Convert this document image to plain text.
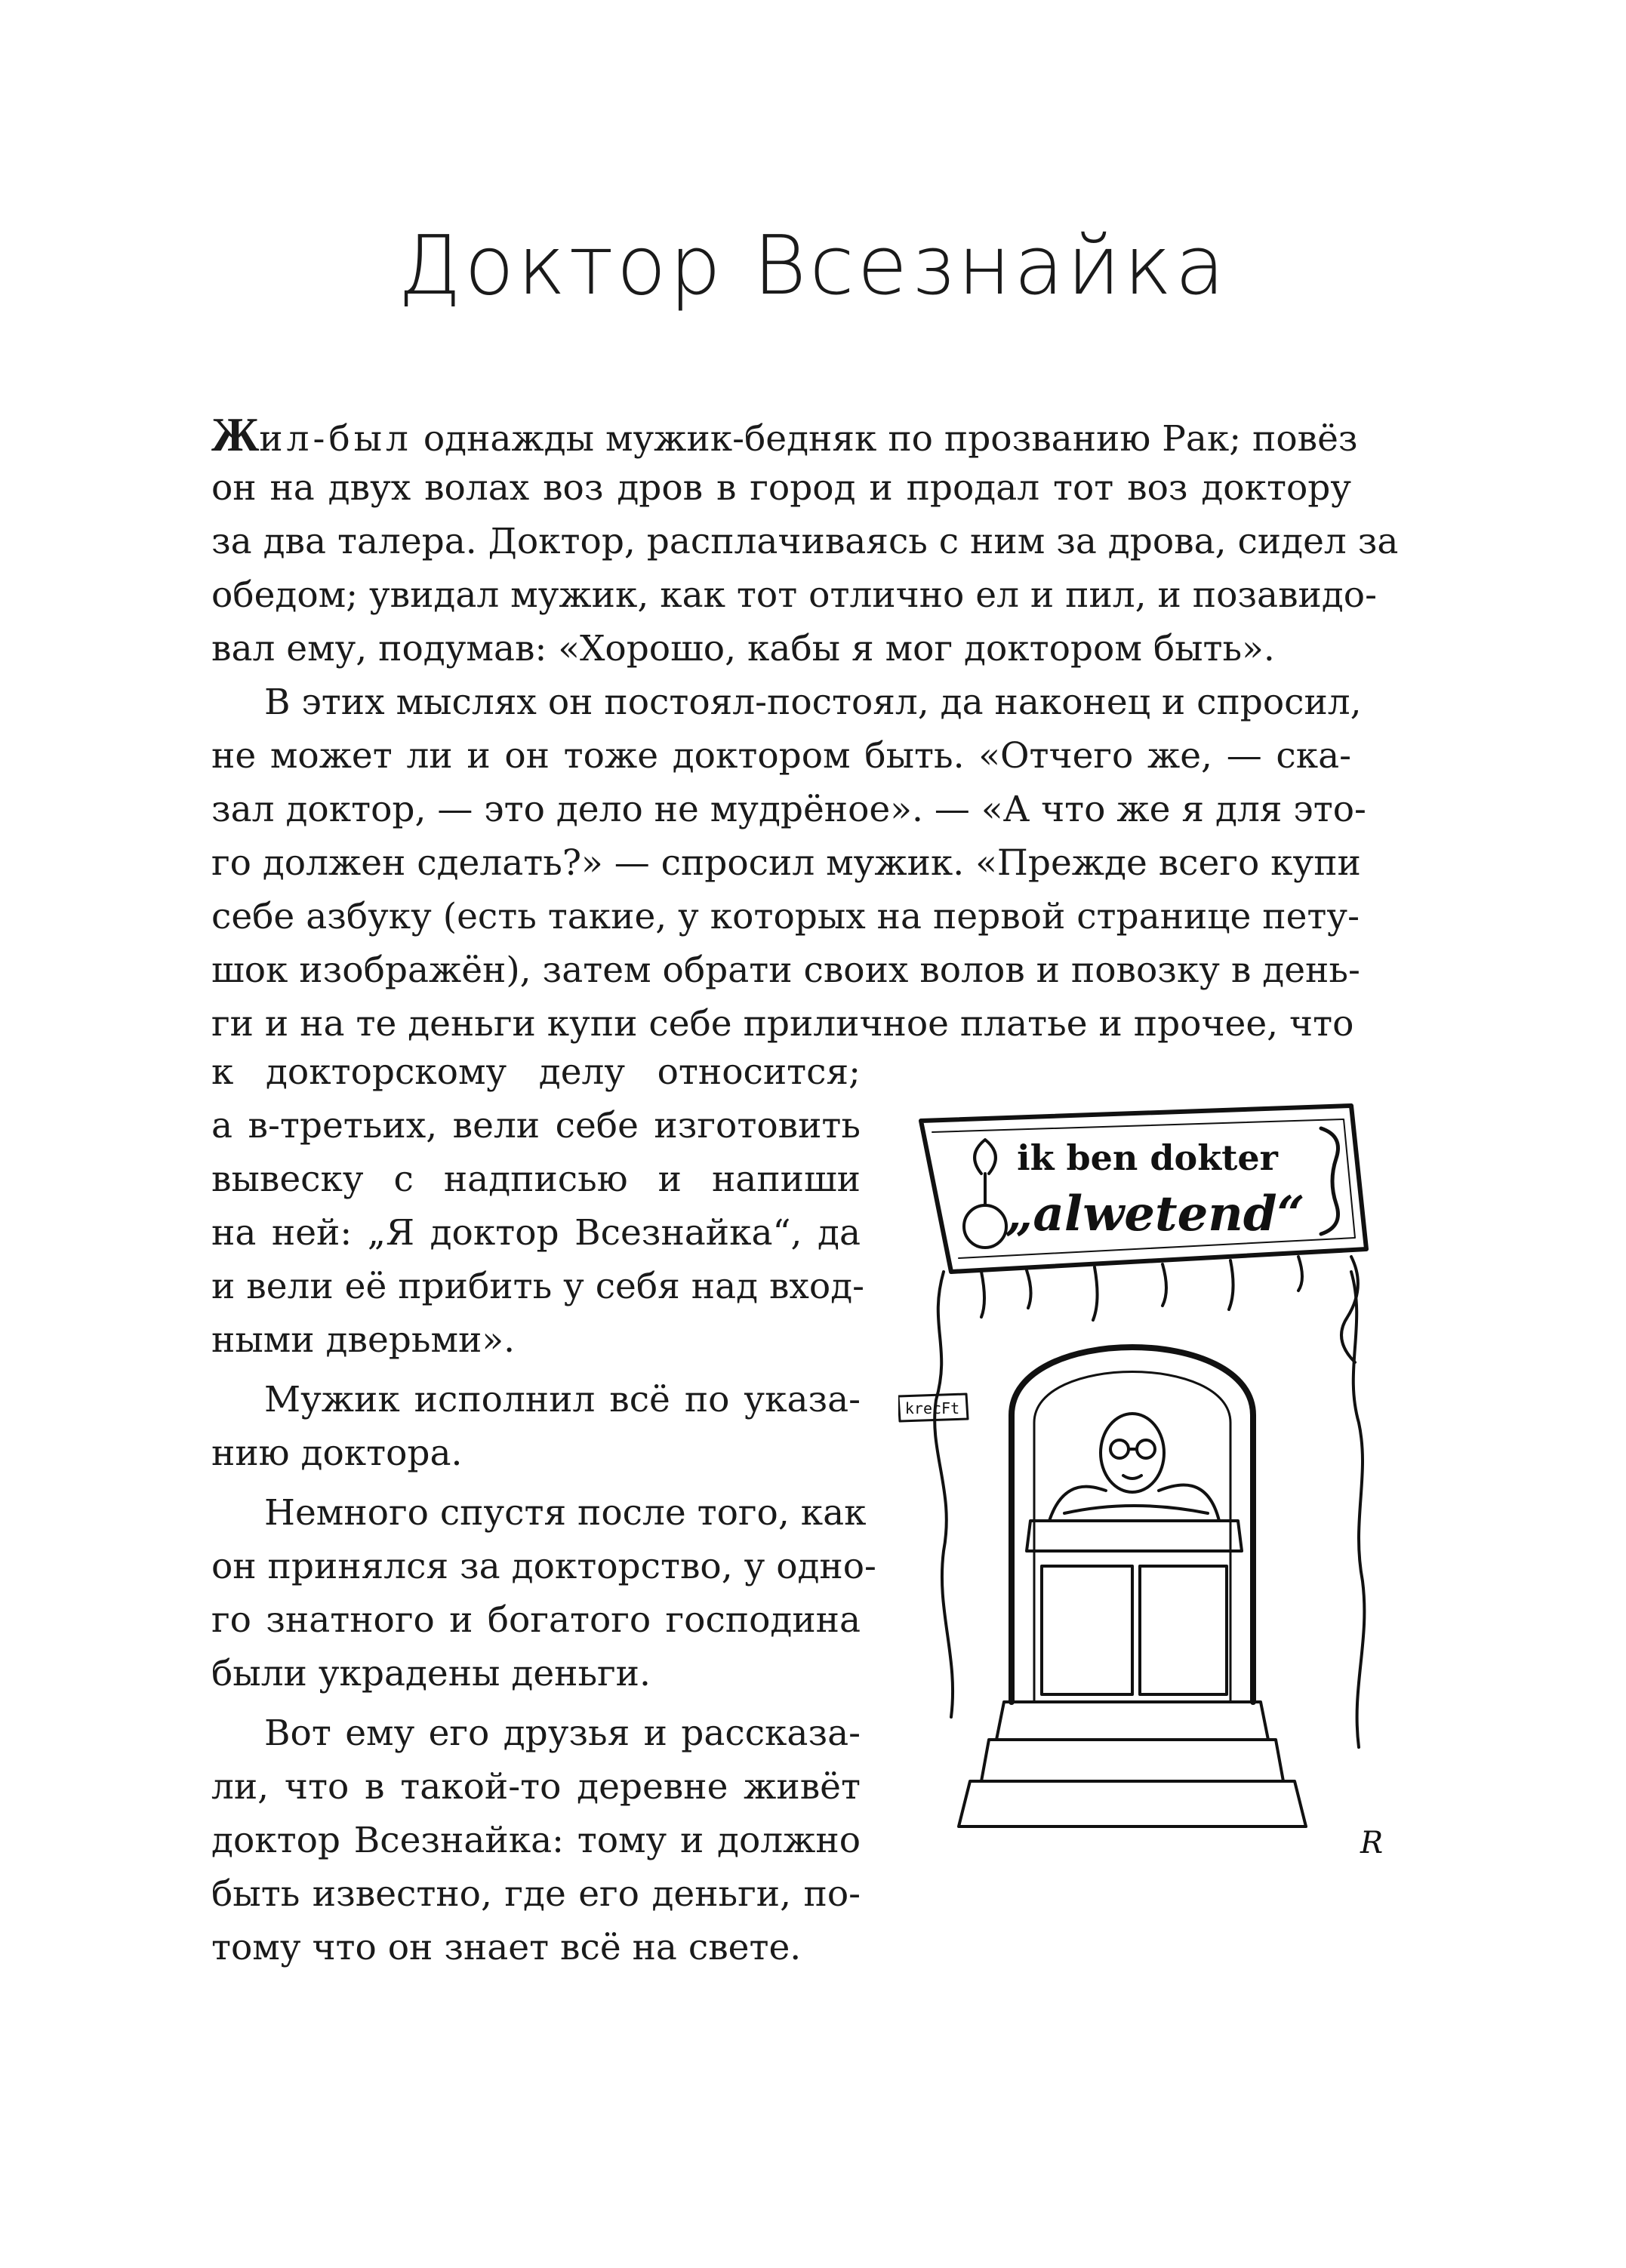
Доктор Всезнайка
Жил-был однажды мужик-бедняк по прозванию Рак; повёз
он на двух волах воз дров в город и продал тот воз доктору
за два талера. Доктор, расплачиваясь с ним за дрова, сидел за
обедом; увидал мужик, как тот отлично ел и пил, и позавидо-
вал ему, подумав: «Хорошо, кабы я мог доктором быть».
В этих мыслях он постоял-постоял, да наконец и спросил,
не может ли и он тоже доктором быть. «Отчего же, — ска-
зал доктор, — это дело не мудрёное». — «А что же я для это-
го должен сделать?» — спросил мужик. «Прежде всего купи
себе азбуку (есть такие, у которых на первой странице пету-
шок изображён), затем обрати своих волов и повозку в день-
ги и на те деньги купи себе приличное платье и прочее, что
к докторскому делу относится;
а в-третьих, вели себе изготовить
вывеску с надписью и напиши
на ней: „Я доктор Всезнайка“, да
и вели её прибить у себя над вход-
ными дверьми».
Мужик исполнил всё по указа-
нию доктора.
Немного спустя после того, как
он принялся за докторство, у одно-
го знатного и богатого господина
были украдены деньги.
Вот ему его друзья и рассказа-
ли, что в такой-то деревне живёт
доктор Всезнайка: тому и должно
быть известно, где его деньги, по-
тому что он знает всё на свете.
ik ben dokter
„alwetend“
krecFt
R
